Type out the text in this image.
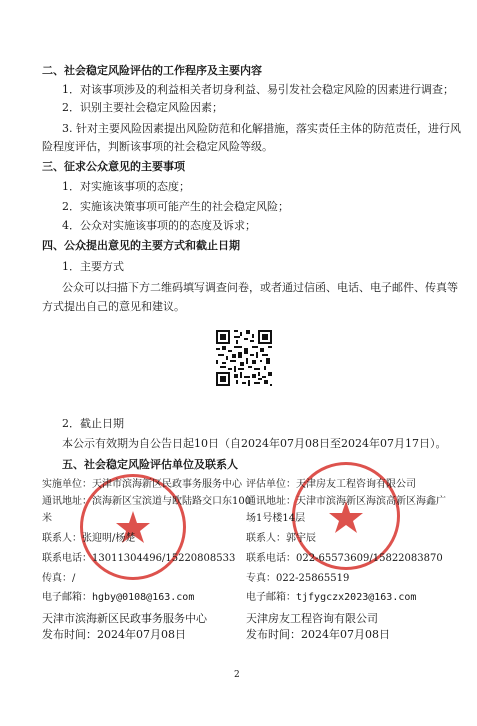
二、社会稳定风险评估的工作程序及主要内容
1．对该事项涉及的利益相关者切身利益、易引发社会稳定风险的因素进行调查；
2．识别主要社会稳定风险因素；
3. 针对主要风险因素提出风险防范和化解措施，落实责任主体的防范责任，进行风
险程度评估，判断该事项的社会稳定风险等级。
三、征求公众意见的主要事项
1．对实施该事项的态度；
2．实施该决策事项可能产生的社会稳定风险；
4．公众对实施该事项的的态度及诉求；
四、公众提出意见的主要方式和截止日期
1．主要方式
公众可以扫描下方二维码填写调查问卷，或者通过信函、电话、电子邮件、传真等
方式提出自己的意见和建议。
2．截止日期
本公示有效期为自公告日起10日（自2024年07月08日至2024年07月17日）。
五、社会稳定风险评估单位及联系人
实施单位：天津市滨海新区民政事务服务中心
通讯地址：滨海新区宝滨道与欧陆路交口东100
米
联系人：张迎明/杨楚
联系电话：13011304496/15220808533
传真：/
电子邮箱：hgby@0108@163.com
天津市滨海新区民政事务服务中心
发布时间：2024年07月08日
评估单位：天津房友工程咨询有限公司
通讯地址：天津市滨海新区海滨高新区海鑫广
场1号楼14层
联系人：郭宇辰
联系电话：022-65573609/15822083870
专真：022-25865519
电子邮箱：tjfygczx2023@163.com
天津房友工程咨询有限公司
发布时间：2024年07月08日
2
